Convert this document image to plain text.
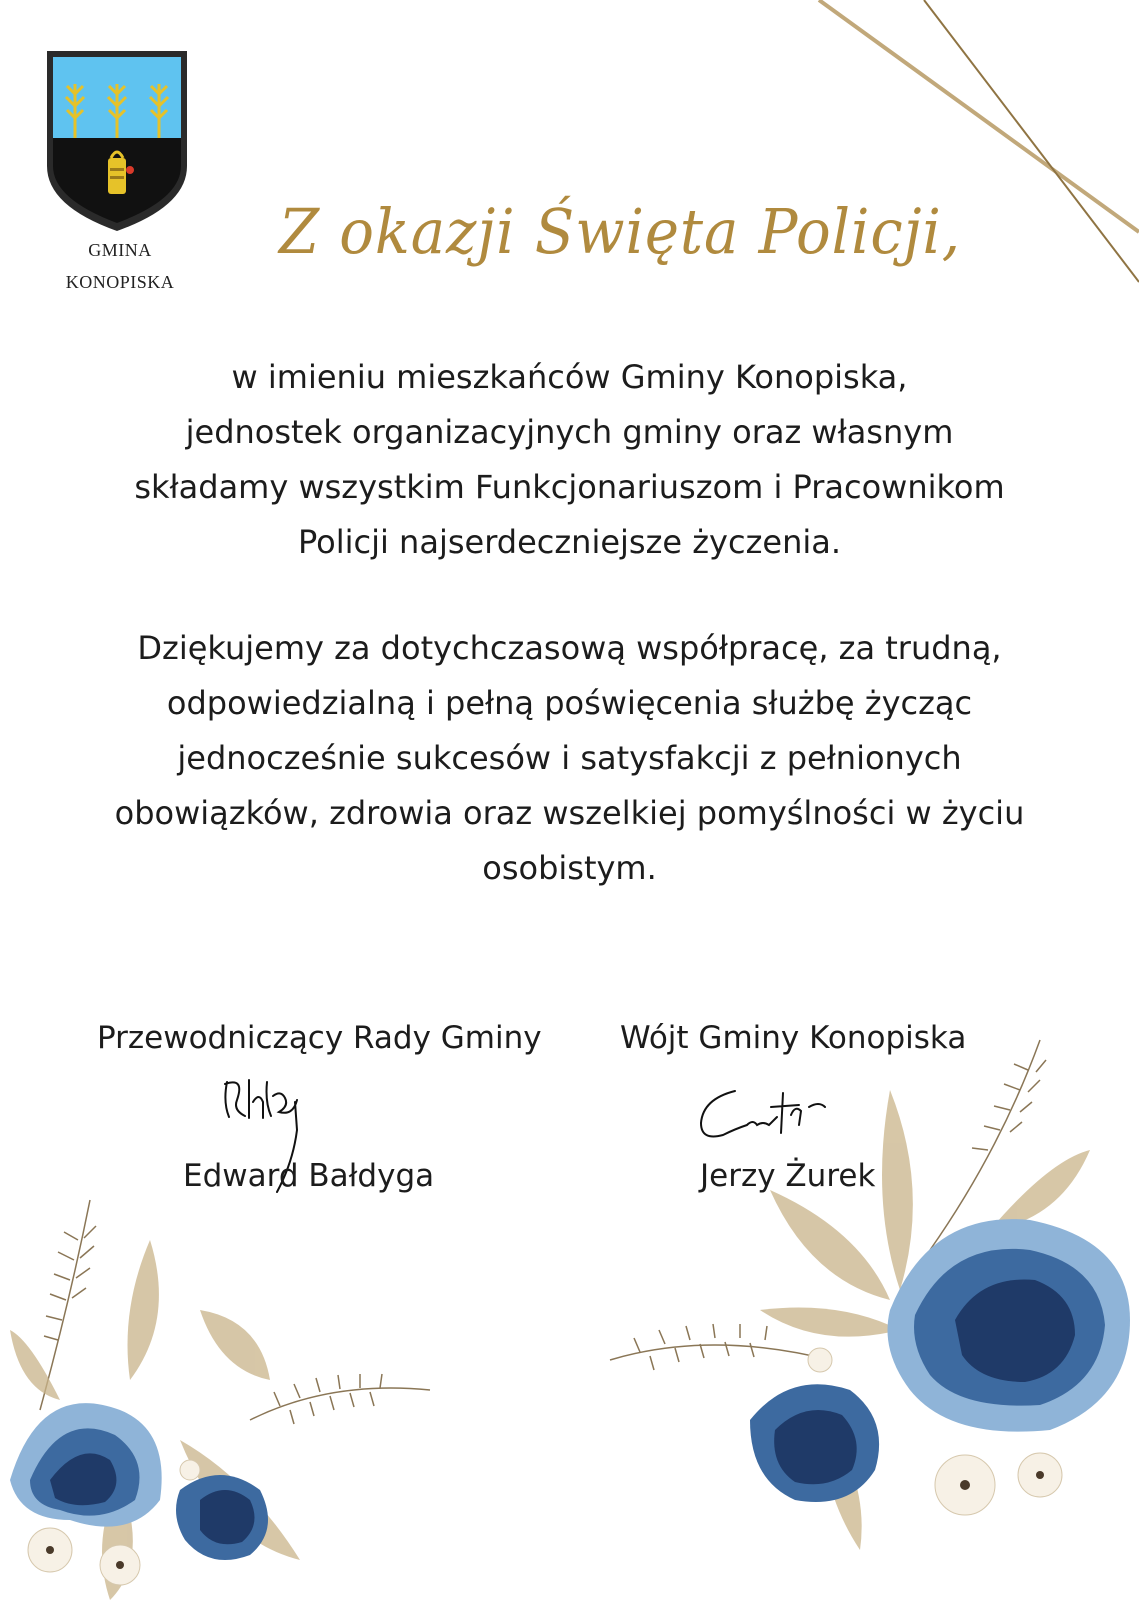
GMINA
KONOPISKA
Z okazji Święta Policji,

w imieniu mieszkańców Gminy Konopiska,
jednostek organizacyjnych gminy oraz własnym
składamy wszystkim Funkcjonariuszom i Pracownikom
Policji najserdeczniejsze życzenia.

Dziękujemy za dotychczasową współpracę, za trudną,
odpowiedzialną i pełną poświęcenia służbę życząc
jednocześnie sukcesów i satysfakcji z pełnionych
obowiązków, zdrowia oraz wszelkiej pomyślności w życiu
osobistym.

Przewodniczący Rady Gminy	Wójt Gminy Konopiska
Edward Bałdyga	Jerzy Żurek
